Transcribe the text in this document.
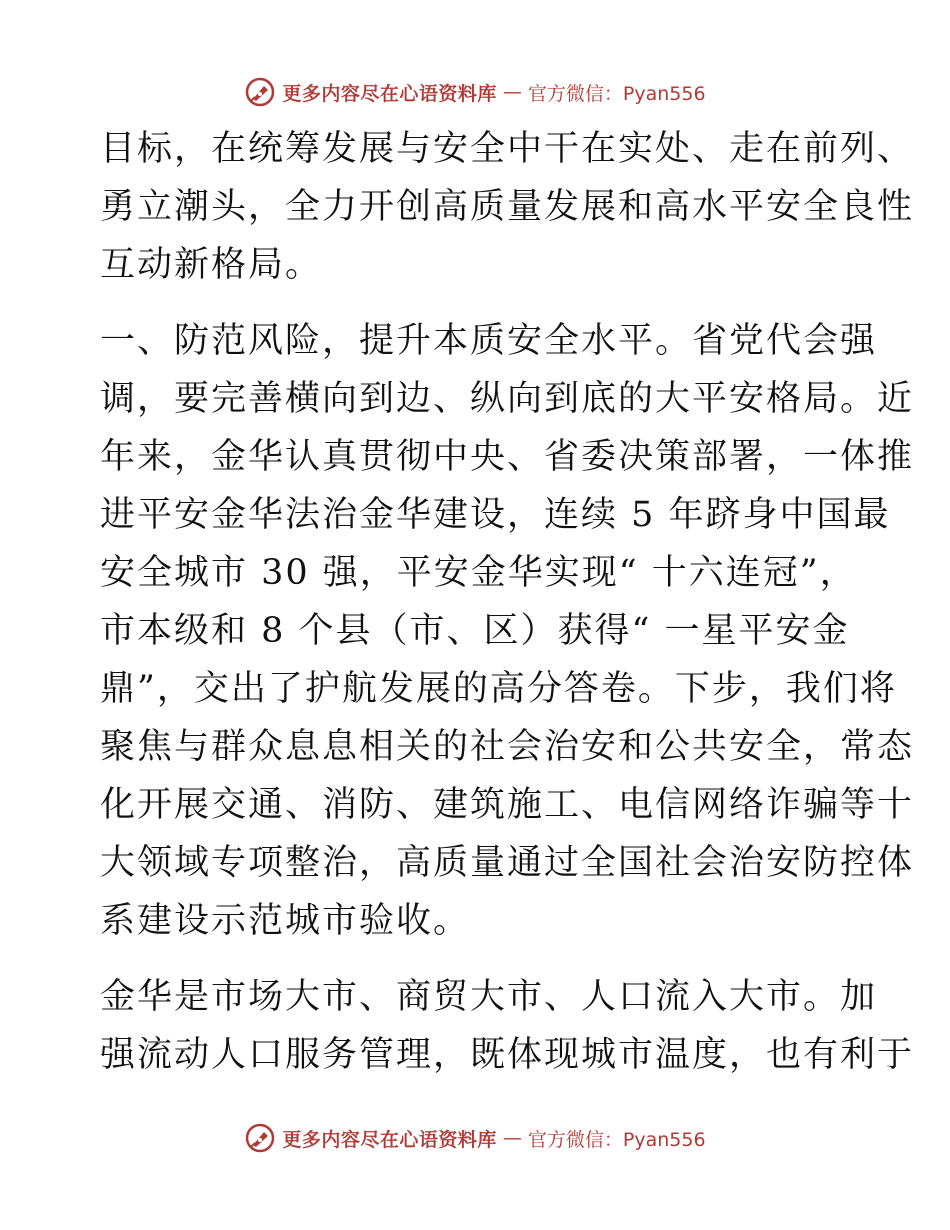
更多内容尽在心语资料库 — 官方微信：Pyan556
目标，在统筹发展与安全中干在实处、走在前列、
勇立潮头，全力开创高质量发展和高水平安全良性
互动新格局。
一、防范风险，提升本质安全水平。省党代会强
调，要完善横向到边、纵向到底的大平安格局。近
年来，金华认真贯彻中央、省委决策部署，一体推
进平安金华法治金华建设，连续 5 年跻身中国最
安全城市 30 强，平安金华实现“ 十六连冠”，
市本级和 8 个县（市、区）获得“ 一星平安金
鼎”，交出了护航发展的高分答卷。下步，我们将
聚焦与群众息息相关的社会治安和公共安全，常态
化开展交通、消防、建筑施工、电信网络诈骗等十
大领域专项整治，高质量通过全国社会治安防控体
系建设示范城市验收。
金华是市场大市、商贸大市、人口流入大市。加
强流动人口服务管理，既体现城市温度，也有利于
更多内容尽在心语资料库 — 官方微信：Pyan556
